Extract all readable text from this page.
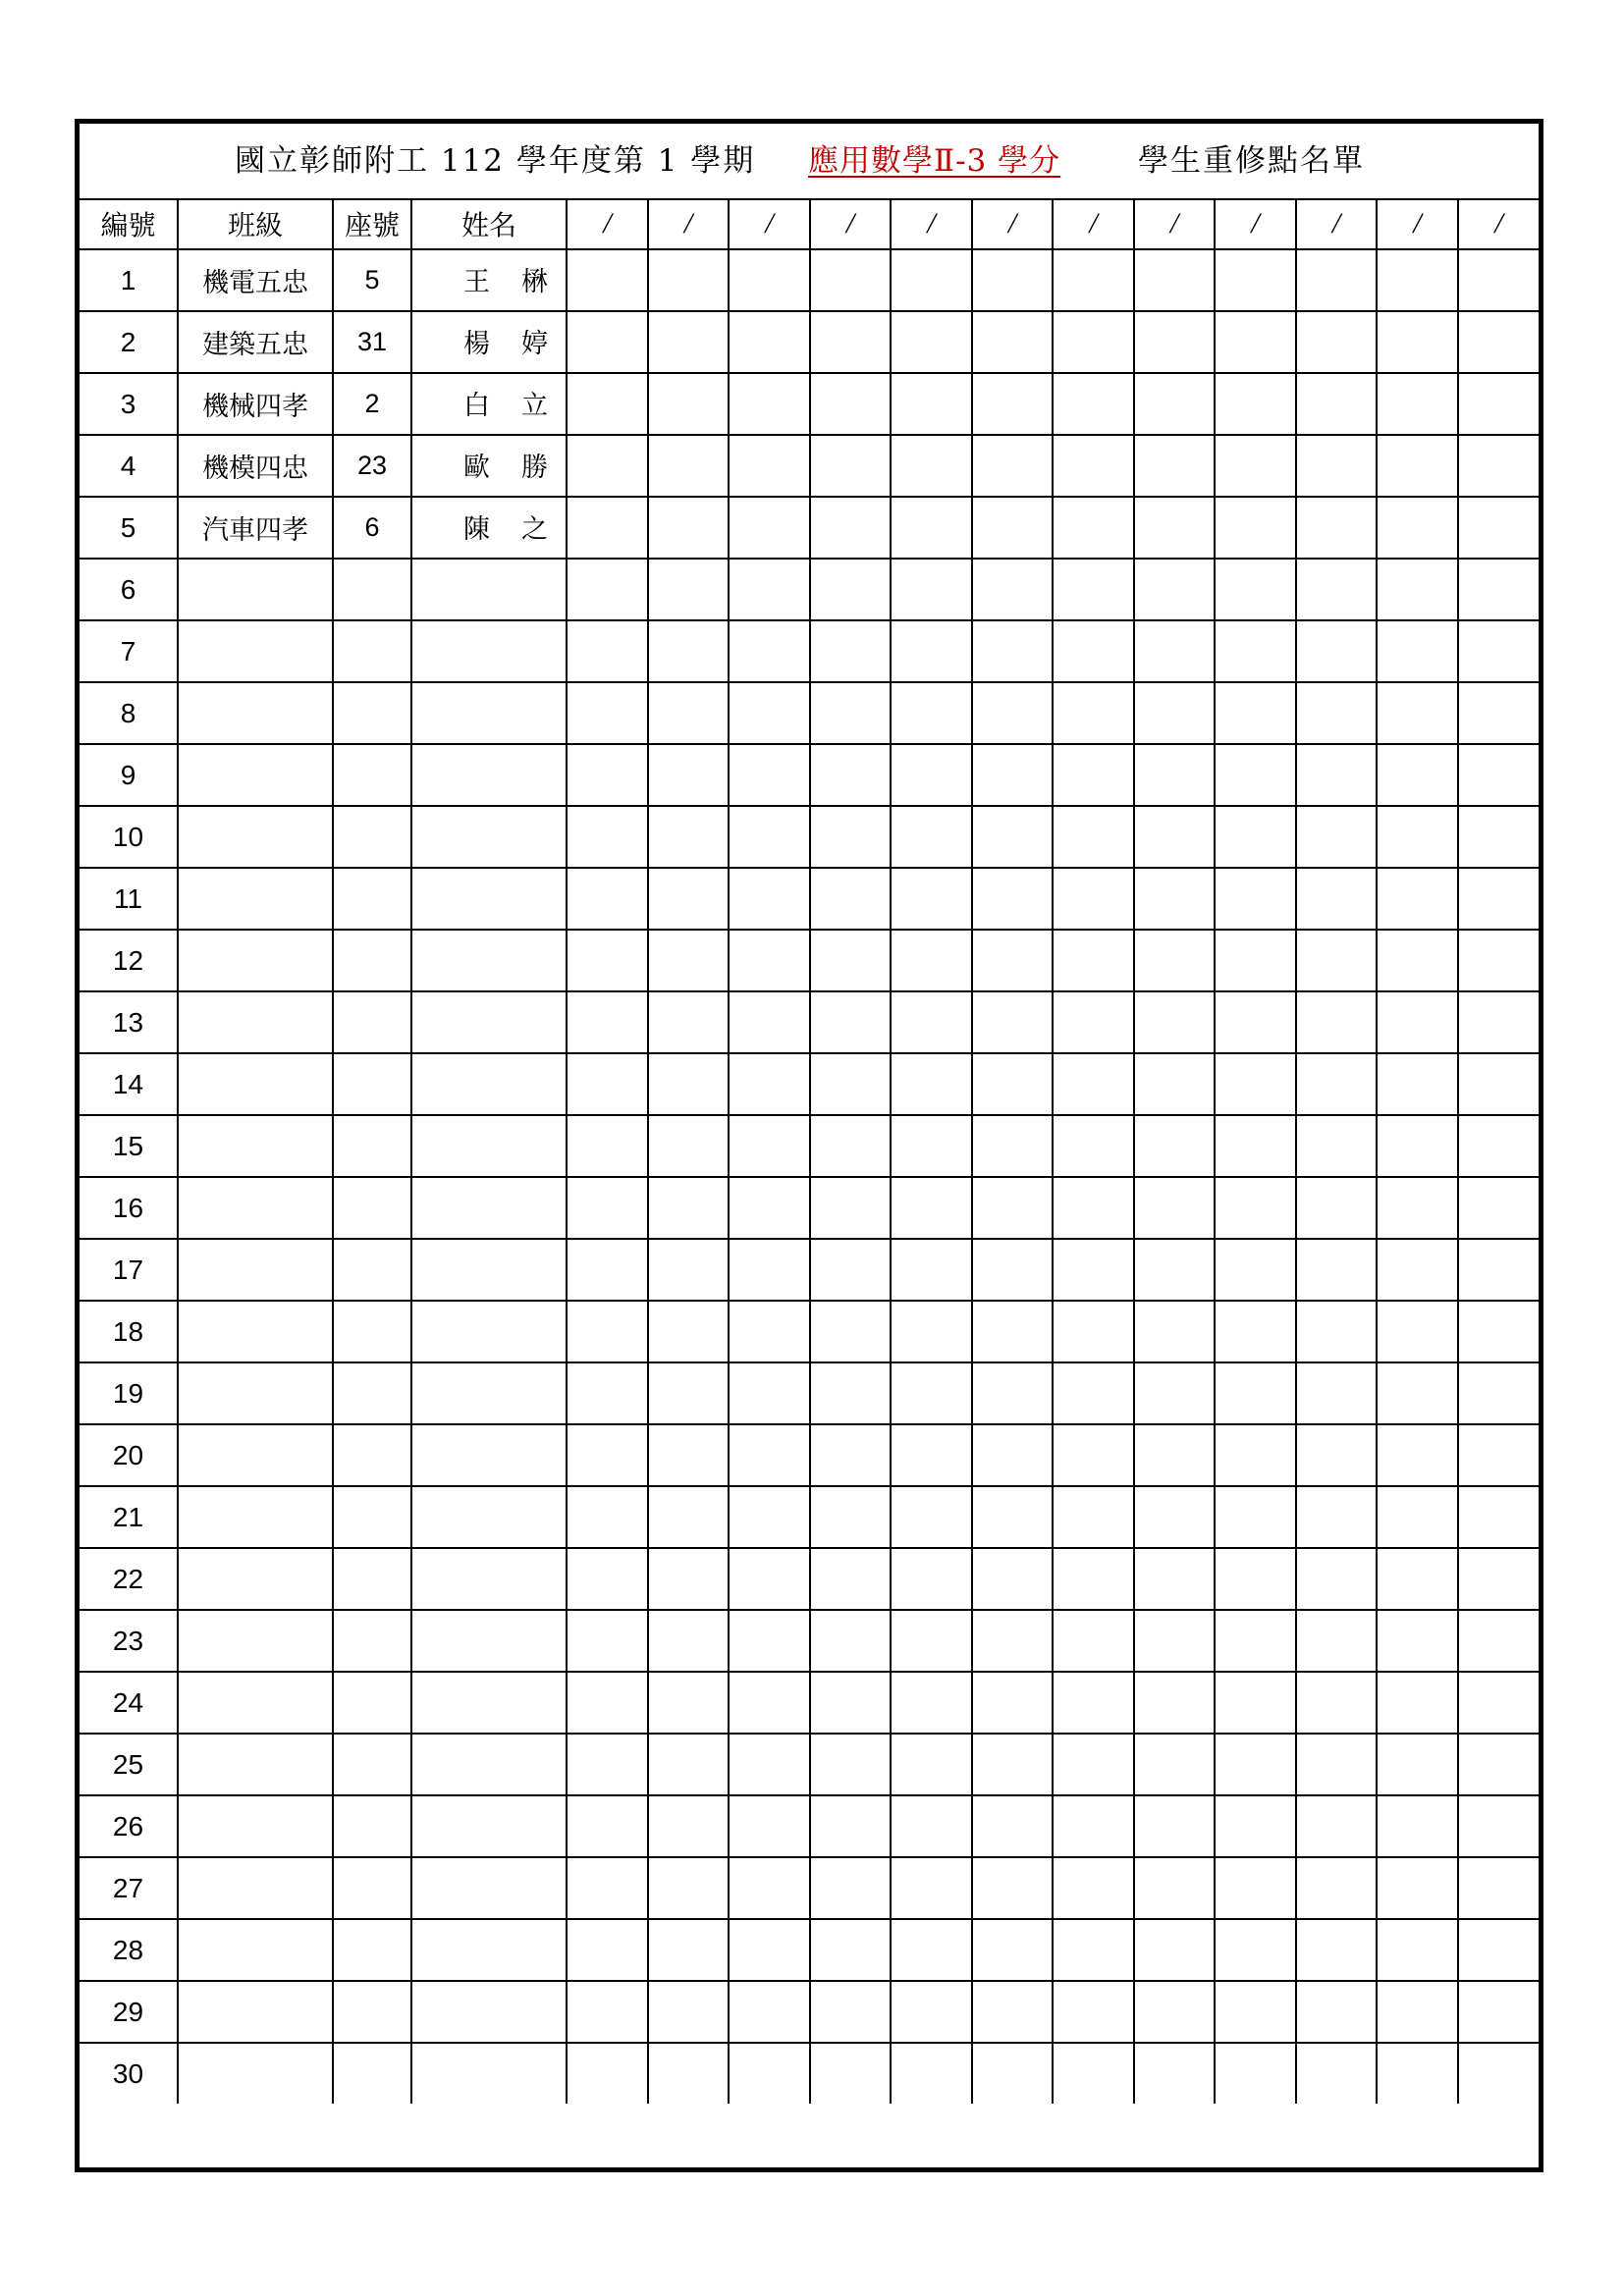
國立彰師附工 112 學年度第 1 學期 應用數學Ⅱ-3 學分	學生重修點名單
編號	班級	座號	姓名	/	/	/	/	/	/	/	/	/	/	/	/
1	機電五忠	5	王 楙												

2	建築五忠	31	楊 婷												

3	機械四孝	2	白 立												

4	機模四忠	23	歐 勝												

5	汽車四孝	6	陳 之												

6			

7			

8			

9			

10			

11			

12			

13			

14			

15			

16			

17			

18			

19			

20			

21			

22			

23			

24			

25			

26			

27			

28			

29			

30			
